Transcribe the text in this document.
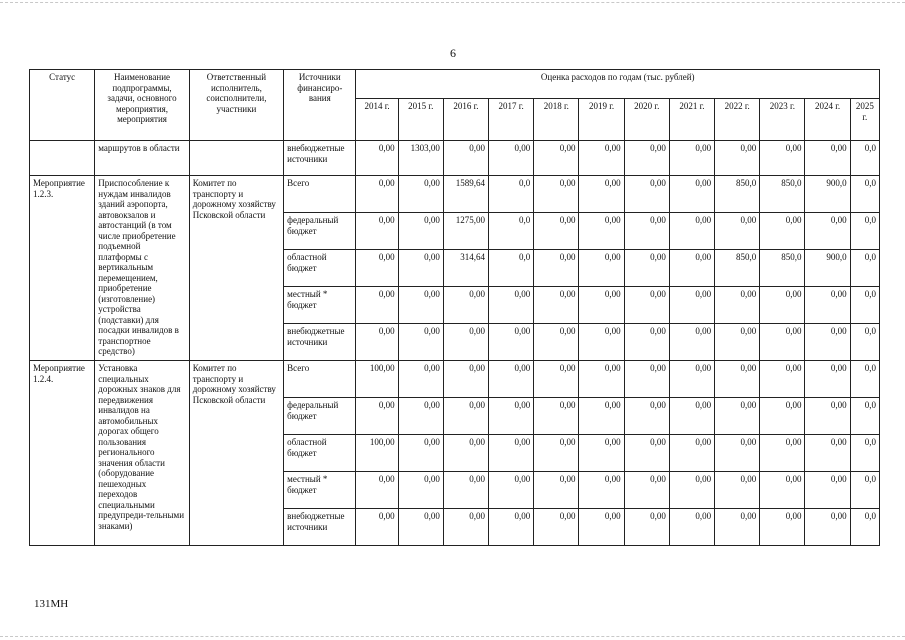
6
Статус	Наименование подпрограммы, задачи, основного мероприятия, мероприятия	Ответственный исполнитель, соисполнители, участники	Источники финансиро-вания	Оценка расходов по годам (тыс. рублей)											
				2014 г.	2015 г.	2016 г.	2017 г.	2018 г.	2019 г.	2020 г.	2021 г.	2022 г.	2023 г.	2024 г.	2025 г.
	маршрутов в области		внебюджетные источники	0,00	1303,00	0,00	0,00	0,00	0,00	0,00	0,00	0,00	0,00	0,00	0,0
Мероприятие 1.2.3.	Приспособление к нуждам инвалидов зданий аэропорта, автовокзалов и автостанций (в том числе приобретение подъемной платформы с вертикальным перемещением, приобретение (изготовление) устройства (подставки) для посадки инвалидов в транспортное средство)	Комитет по транспорту и дорожному хозяйству Псковской области	Всего	0,00	0,00	1589,64	0,0	0,00	0,00	0,00	0,00	850,0	850,0	900,0	0,0
			федеральный бюджет	0,00	0,00	1275,00	0,0	0,00	0,00	0,00	0,00	0,00	0,00	0,00	0,0
			областной бюджет	0,00	0,00	314,64	0,0	0,00	0,00	0,00	0,00	850,0	850,0	900,0	0,0
			местный * бюджет	0,00	0,00	0,00	0,00	0,00	0,00	0,00	0,00	0,00	0,00	0,00	0,0
			внебюджетные источники	0,00	0,00	0,00	0,00	0,00	0,00	0,00	0,00	0,00	0,00	0,00	0,0
Мероприятие 1.2.4.	Установка специальных дорожных знаков для передвижения инвалидов на автомобильных дорогах общего пользования регионального значения области (оборудование пешеходных переходов специальными предупреди-тельными знаками)	Комитет по транспорту и дорожному хозяйству Псковской области	Всего	100,00	0,00	0,00	0,00	0,00	0,00	0,00	0,00	0,00	0,00	0,00	0,0
			федеральный бюджет	0,00	0,00	0,00	0,00	0,00	0,00	0,00	0,00	0,00	0,00	0,00	0,0
			областной бюджет	100,00	0,00	0,00	0,00	0,00	0,00	0,00	0,00	0,00	0,00	0,00	0,0
			местный * бюджет	0,00	0,00	0,00	0,00	0,00	0,00	0,00	0,00	0,00	0,00	0,00	0,0
			внебюджетные источники	0,00	0,00	0,00	0,00	0,00	0,00	0,00	0,00	0,00	0,00	0,00	0,0
131МН
